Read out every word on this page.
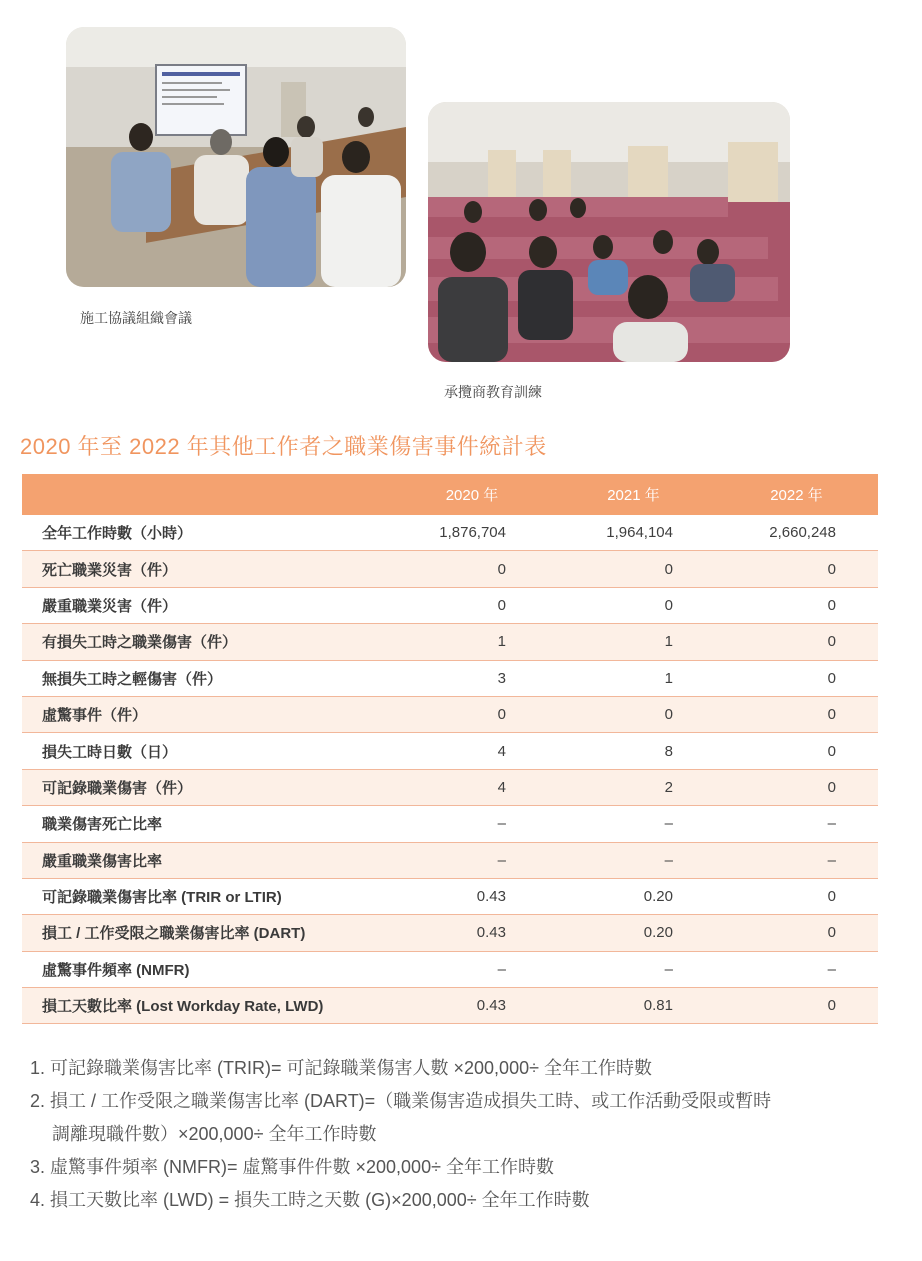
施工協議組織會議
承攬商教育訓練
2020 年至 2022 年其他工作者之職業傷害事件統計表
	2020 年	2021 年	2022 年
全年工作時數（小時）	1,876,704	1,964,104	2,660,248
死亡職業災害（件）	0	0	0
嚴重職業災害（件）	0	0	0
有損失工時之職業傷害（件）	1	1	0
無損失工時之輕傷害（件）	3	1	0
虛驚事件（件）	0	0	0
損失工時日數（日）	4	8	0
可記錄職業傷害（件）	4	2	0
職業傷害死亡比率	–	–	–
嚴重職業傷害比率	–	–	–
可記錄職業傷害比率 (TRIR or LTIR)	0.43	0.20	0
損工 / 工作受限之職業傷害比率 (DART)	0.43	0.20	0
虛驚事件頻率 (NMFR)	–	–	–
損工天數比率 (Lost Workday Rate, LWD)	0.43	0.81	0
1. 可記錄職業傷害比率 (TRIR)= 可記錄職業傷害人數 ×200,000÷ 全年工作時數
2. 損工 / 工作受限之職業傷害比率 (DART)=（職業傷害造成損失工時、或工作活動受限或暫時
調離現職件數）×200,000÷ 全年工作時數
3. 虛驚事件頻率 (NMFR)= 虛驚事件件數 ×200,000÷ 全年工作時數
4. 損工天數比率 (LWD) = 損失工時之天數 (G)×200,000÷ 全年工作時數
